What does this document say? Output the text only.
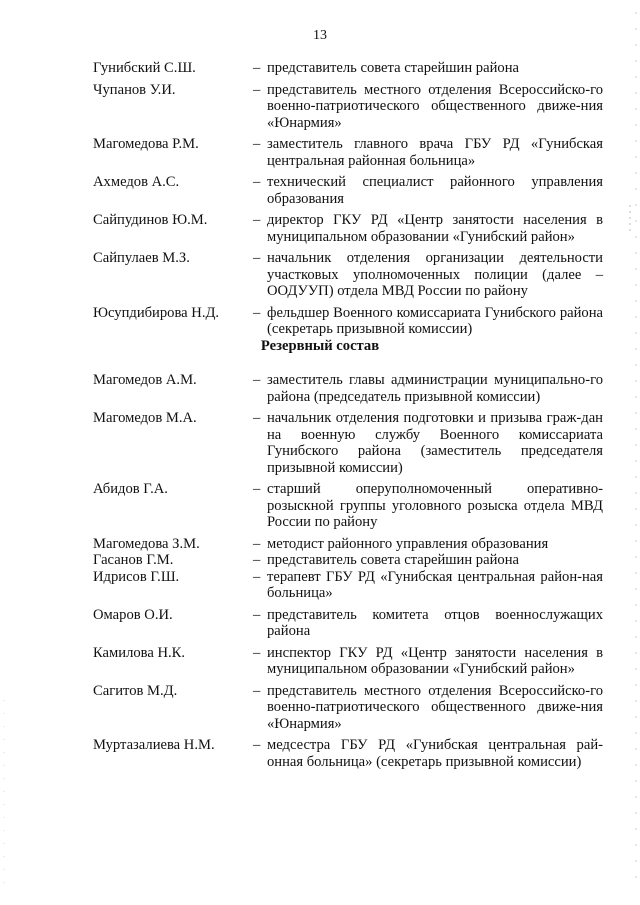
13
Гунибский С.Ш.	– представитель совета старейшин района
Чупанов У.И.	– представитель местного отделения Всероссийско-го военно-патриотического общественного движе-ния «Юнармия»
Магомедова Р.М.	– заместитель главного врача ГБУ РД «Гунибская центральная районная больница»
Ахмедов А.С.	– технический специалист районного управления образования
Сайпудинов Ю.М.	– директор ГКУ РД «Центр занятости населения в муниципальном образовании «Гунибский район»
Сайпулаев М.З.	– начальник отделения организации деятельности участковых уполномоченных полиции (далее – ООДУУП) отдела МВД России по району
Юсупдибирова Н.Д.	– фельдшер Военного комиссариата Гунибского района (секретарь призывной комиссии)
Резервный состав
Магомедов А.М.	– заместитель главы администрации муниципально-го района (председатель призывной комиссии)
Магомедов М.А.	– начальник отделения подготовки и призыва граж-дан на военную службу Военного комиссариата Гунибского района (заместитель председателя призывной комиссии)
Абидов Г.А.	– старший оперуполномоченный оперативно-розыскной группы уголовного розыска отдела МВД России по району
Магомедова З.М.	– методист районного управления образования
Гасанов Г.М.	– представитель совета старейшин района
Идрисов Г.Ш.	– терапевт ГБУ РД «Гунибская центральная район-ная больница»
Омаров О.И.	– представитель комитета отцов военнослужащих района
Камилова Н.К.	– инспектор ГКУ РД «Центр занятости населения в муниципальном образовании «Гунибский район»
Сагитов М.Д.	– представитель местного отделения Всероссийско-го военно-патриотического общественного движе-ния «Юнармия»
Муртазалиева Н.М.	– медсестра ГБУ РД «Гунибская центральная рай-онная больница» (секретарь призывной комиссии)
